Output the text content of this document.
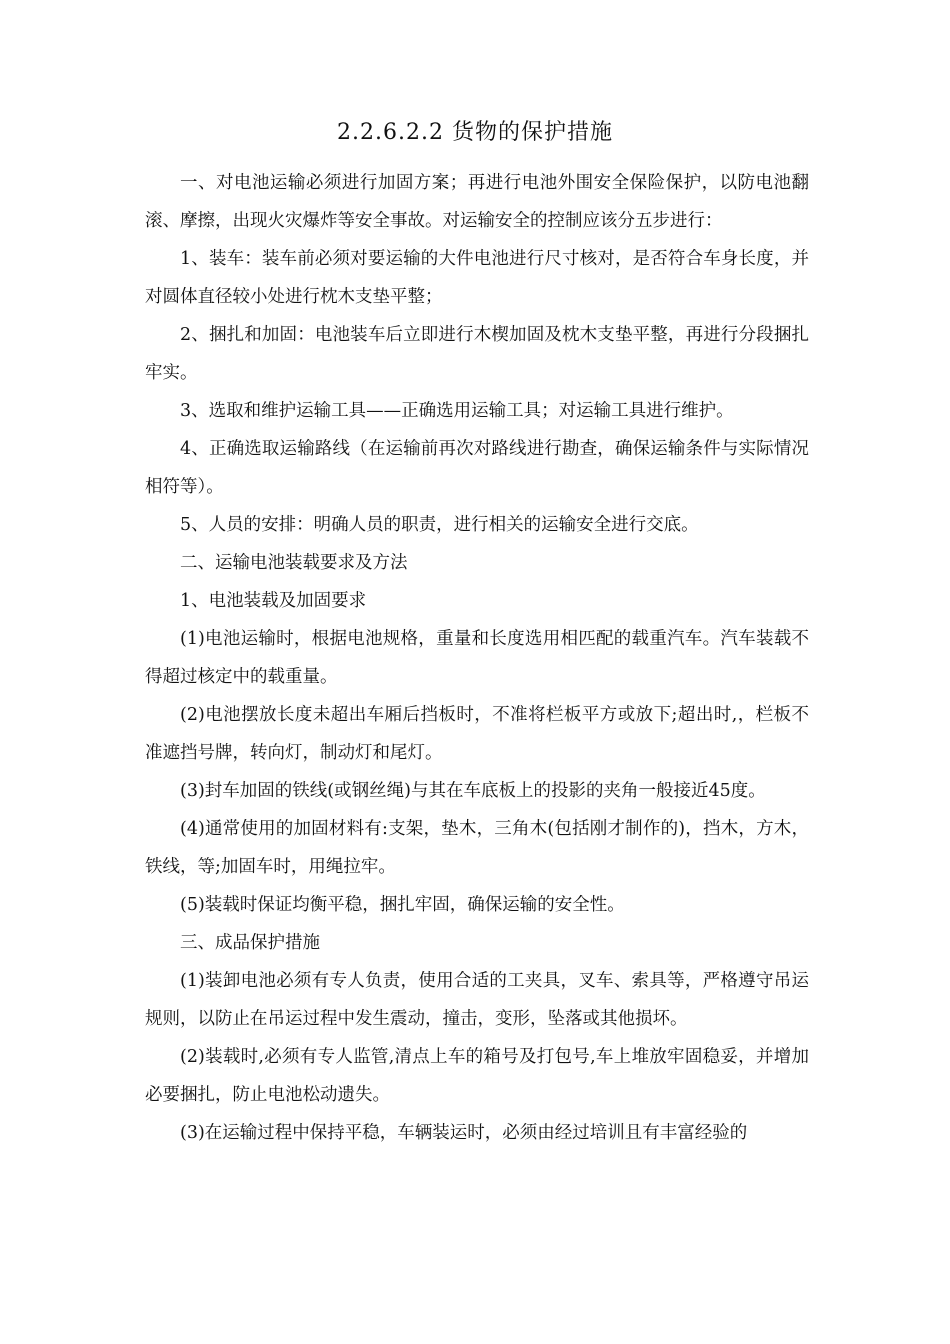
2.2.6.2.2 货物的保护措施

一、对电池运输必须进行加固方案；再进行电池外围安全保险保护，以防电池翻滚、摩擦，出现火灾爆炸等安全事故。对运输安全的控制应该分五步进行：

1、装车：装车前必须对要运输的大件电池进行尺寸核对，是否符合车身长度，并对圆体直径较小处进行枕木支垫平整；

2、捆扎和加固：电池装车后立即进行木楔加固及枕木支垫平整，再进行分段捆扎牢实。

3、选取和维护运输工具——正确选用运输工具；对运输工具进行维护。

4、正确选取运输路线（在运输前再次对路线进行勘查，确保运输条件与实际情况相符等）。

5、人员的安排：明确人员的职责，进行相关的运输安全进行交底。

二、运输电池装载要求及方法

1、电池装载及加固要求

(1)电池运输时，根据电池规格，重量和长度选用相匹配的载重汽车。汽车装载不得超过核定中的载重量。

(2)电池摆放长度未超出车厢后挡板时，不准将栏板平方或放下;超出时,，栏板不准遮挡号牌，转向灯，制动灯和尾灯。

(3)封车加固的铁线(或钢丝绳)与其在车底板上的投影的夹角一般接近45度。

(4)通常使用的加固材料有:支架，垫木，三角木(包括刚才制作的)，挡木，方木，铁线，等;加固车时，用绳拉牢。

(5)装载时保证均衡平稳，捆扎牢固，确保运输的安全性。

三、成品保护措施

(1)装卸电池必须有专人负责，使用合适的工夹具，叉车、索具等，严格遵守吊运规则，以防止在吊运过程中发生震动，撞击，变形，坠落或其他损坏。

(2)装载时,必须有专人监管,清点上车的箱号及打包号,车上堆放牢固稳妥，并增加必要捆扎，防止电池松动遗失。

(3)在运输过程中保持平稳，车辆装运时，必须由经过培训且有丰富经验的
